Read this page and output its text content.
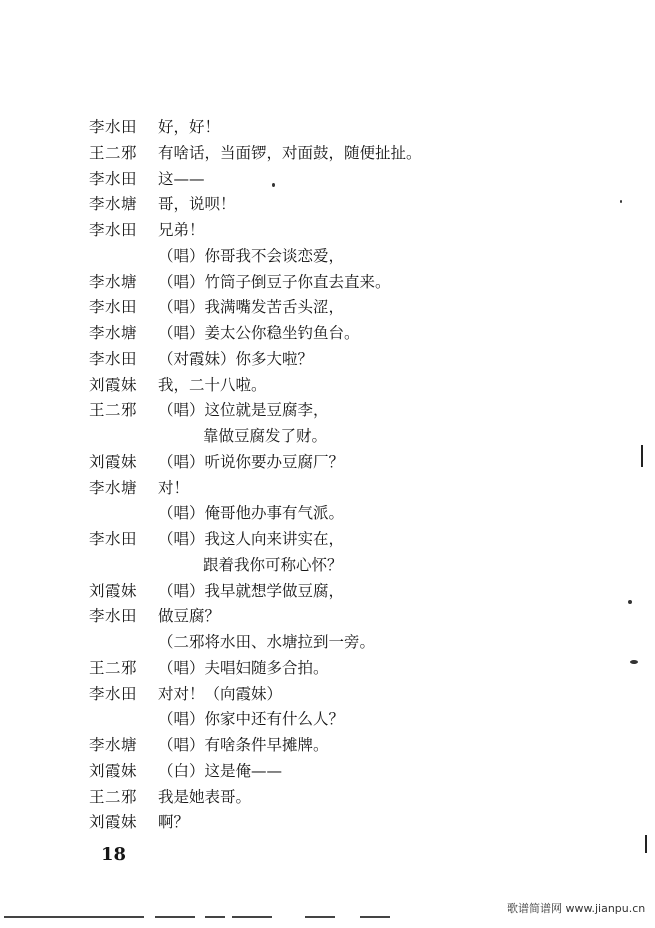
李水田 好，好！
王二邪 有啥话，当面锣，对面鼓，随便扯扯。
李水田 这——
李水塘 哥，说呗！
李水田 兄弟！
（唱）你哥我不会谈恋爱，
李水塘 （唱）竹筒子倒豆子你直去直来。
李水田 （唱）我满嘴发苦舌头涩，
李水塘 （唱）姜太公你稳坐钓鱼台。
李水田 （对霞妹）你多大啦？
刘霞妹 我，二十八啦。
王二邪 （唱）这位就是豆腐李，
靠做豆腐发了财。
刘霞妹 （唱）听说你要办豆腐厂？
李水塘 对！
（唱）俺哥他办事有气派。
李水田 （唱）我这人向来讲实在，
跟着我你可称心怀？
刘霞妹 （唱）我早就想学做豆腐，
李水田 做豆腐？
（二邪将水田、水塘拉到一旁。
王二邪 （唱）夫唱妇随多合拍。
李水田 对对！（向霞妹）
（唱）你家中还有什么人？
李水塘 （唱）有啥条件早摊牌。
刘霞妹 （白）这是俺——
王二邪 我是她表哥。
刘霞妹 啊？
18
歌谱简谱网 www.jianpu.cn
